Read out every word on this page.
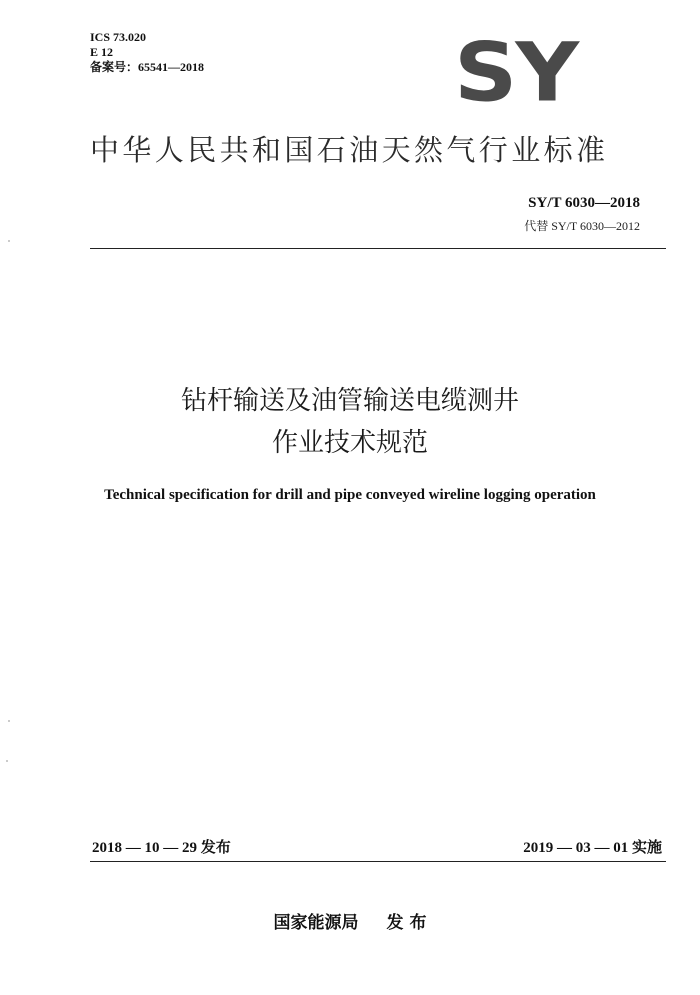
ICS 73.020
E 12
备案号：65541—2018	SY
中华人民共和国石油天然气行业标准
SY/T 6030—2018
代替 SY/T 6030—2012
钻杆输送及油管输送电缆测井
作业技术规范
Technical specification for drill and pipe conveyed wireline logging operation
2018 — 10 — 29 发布	2019 — 03 — 01 实施
国家能源局 发 布
